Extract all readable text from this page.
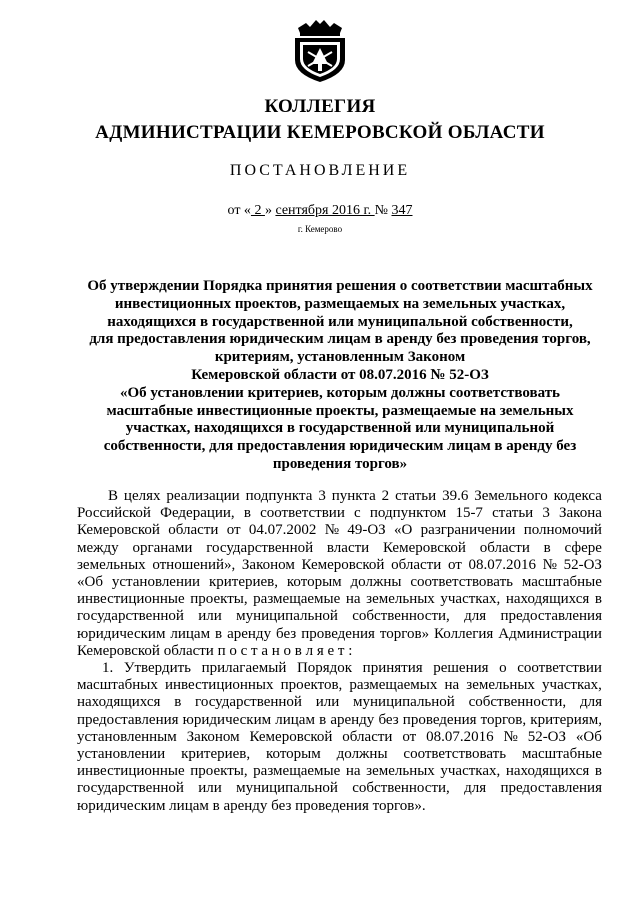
КОЛЛЕГИЯ
АДМИНИСТРАЦИИ КЕМЕРОВСКОЙ ОБЛАСТИ
ПОСТАНОВЛЕНИЕ
от « 2 » сентября 2016 г. № 347
г. Кемерово
Об утверждении Порядка принятия решения о соответствии масштабных
инвестиционных проектов, размещаемых на земельных участках,
находящихся в государственной или муниципальной собственности,
для предоставления юридическим лицам в аренду без проведения торгов,
критериям, установленным Законом
Кемеровской области от 08.07.2016 № 52-ОЗ
«Об установлении критериев, которым должны соответствовать
масштабные инвестиционные проекты, размещаемые на земельных
участках, находящихся в государственной или муниципальной
собственности, для предоставления юридическим лицам в аренду без
проведения торгов»
В целях реализации подпункта 3 пункта 2 статьи 39.6 Земельного кодекса
Российской Федерации, в соответствии с подпунктом 15-7 статьи 3 Закона
Кемеровской области от 04.07.2002 № 49-ОЗ «О разграничении полномочий
между органами государственной власти Кемеровской области в сфере
земельных отношений», Законом Кемеровской области от 08.07.2016 № 52-ОЗ
«Об установлении критериев, которым должны соответствовать масштабные
инвестиционные проекты, размещаемые на земельных участках, находящихся в
государственной или муниципальной собственности, для предоставления
юридическим лицам в аренду без проведения торгов» Коллегия Администрации
Кемеровской области п о с т а н о в л я е т :
1. Утвердить прилагаемый Порядок принятия решения о соответствии
масштабных инвестиционных проектов, размещаемых на земельных участках,
находящихся в государственной или муниципальной собственности, для
предоставления юридическим лицам в аренду без проведения торгов, критериям,
установленным Законом Кемеровской области от 08.07.2016 № 52-ОЗ «Об
установлении критериев, которым должны соответствовать масштабные
инвестиционные проекты, размещаемые на земельных участках, находящихся в
государственной или муниципальной собственности, для предоставления
юридическим лицам в аренду без проведения торгов».
